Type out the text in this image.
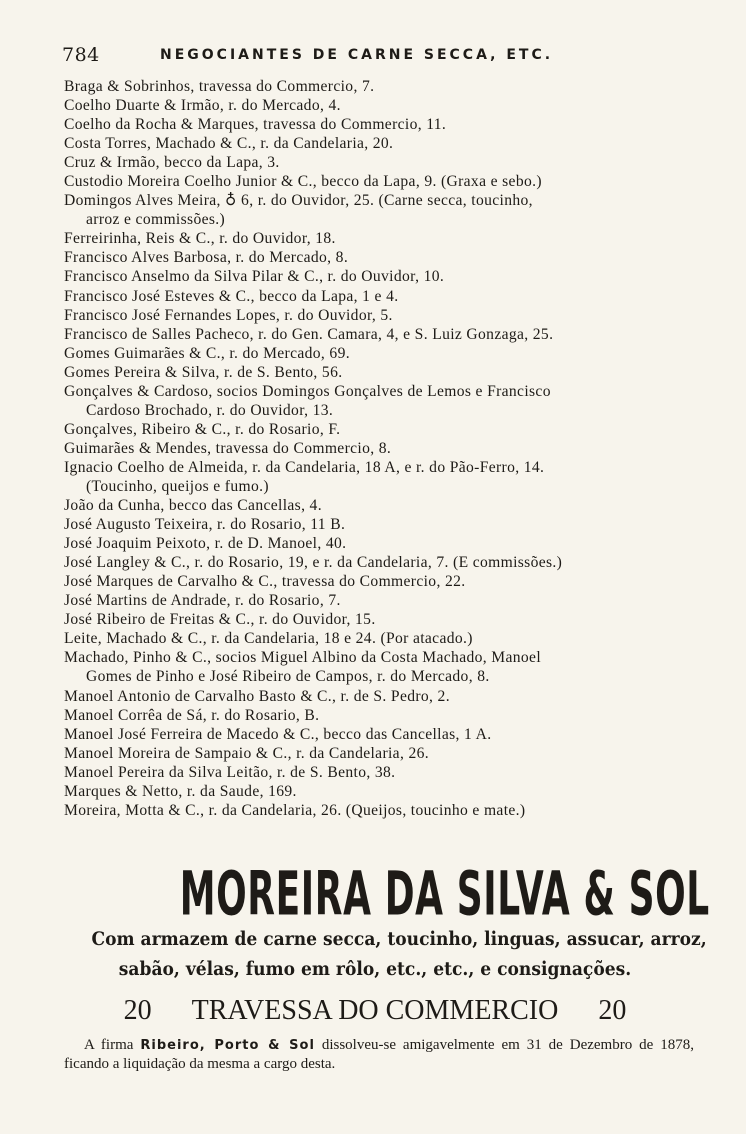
784	NEGOCIANTES DE CARNE SECCA, ETC.
Braga & Sobrinhos, travessa do Commercio, 7.
Coelho Duarte & Irmão, r. do Mercado, 4.
Coelho da Rocha & Marques, travessa do Commercio, 11.
Costa Torres, Machado & C., r. da Candelaria, 20.
Cruz & Irmão, becco da Lapa, 3.
Custodio Moreira Coelho Junior & C., becco da Lapa, 9. (Graxa e sebo.)
Domingos Alves Meira, ♁ 6, r. do Ouvidor, 25. (Carne secca, toucinho,
arroz e commissões.)
Ferreirinha, Reis & C., r. do Ouvidor, 18.
Francisco Alves Barbosa, r. do Mercado, 8.
Francisco Anselmo da Silva Pilar & C., r. do Ouvidor, 10.
Francisco José Esteves & C., becco da Lapa, 1 e 4.
Francisco José Fernandes Lopes, r. do Ouvidor, 5.
Francisco de Salles Pacheco, r. do Gen. Camara, 4, e S. Luiz Gonzaga, 25.
Gomes Guimarães & C., r. do Mercado, 69.
Gomes Pereira & Silva, r. de S. Bento, 56.
Gonçalves & Cardoso, socios Domingos Gonçalves de Lemos e Francisco
Cardoso Brochado, r. do Ouvidor, 13.
Gonçalves, Ribeiro & C., r. do Rosario, F.
Guimarães & Mendes, travessa do Commercio, 8.
Ignacio Coelho de Almeida, r. da Candelaria, 18 A, e r. do Pão-Ferro, 14.
(Toucinho, queijos e fumo.)
João da Cunha, becco das Cancellas, 4.
José Augusto Teixeira, r. do Rosario, 11 B.
José Joaquim Peixoto, r. de D. Manoel, 40.
José Langley & C., r. do Rosario, 19, e r. da Candelaria, 7. (E commissões.)
José Marques de Carvalho & C., travessa do Commercio, 22.
José Martins de Andrade, r. do Rosario, 7.
José Ribeiro de Freitas & C., r. do Ouvidor, 15.
Leite, Machado & C., r. da Candelaria, 18 e 24. (Por atacado.)
Machado, Pinho & C., socios Miguel Albino da Costa Machado, Manoel
Gomes de Pinho e José Ribeiro de Campos, r. do Mercado, 8.
Manoel Antonio de Carvalho Basto & C., r. de S. Pedro, 2.
Manoel Corrêa de Sá, r. do Rosario, B.
Manoel José Ferreira de Macedo & C., becco das Cancellas, 1 A.
Manoel Moreira de Sampaio & C., r. da Candelaria, 26.
Manoel Pereira da Silva Leitão, r. de S. Bento, 38.
Marques & Netto, r. da Saude, 169.
Moreira, Motta & C., r. da Candelaria, 26. (Queijos, toucinho e mate.)
MOREIRA DA SILVA & SOL
Com armazem de carne secca, toucinho, linguas, assucar, arroz,
sabão, vélas, fumo em rôlo, etc., etc., e consignações.
20 TRAVESSA DO COMMERCIO 20
A firma Ribeiro, Porto & Sol dissolveu-se amigavelmente em 31 de Dezembro de 1878, ficando a liquidação da mesma a cargo desta.
